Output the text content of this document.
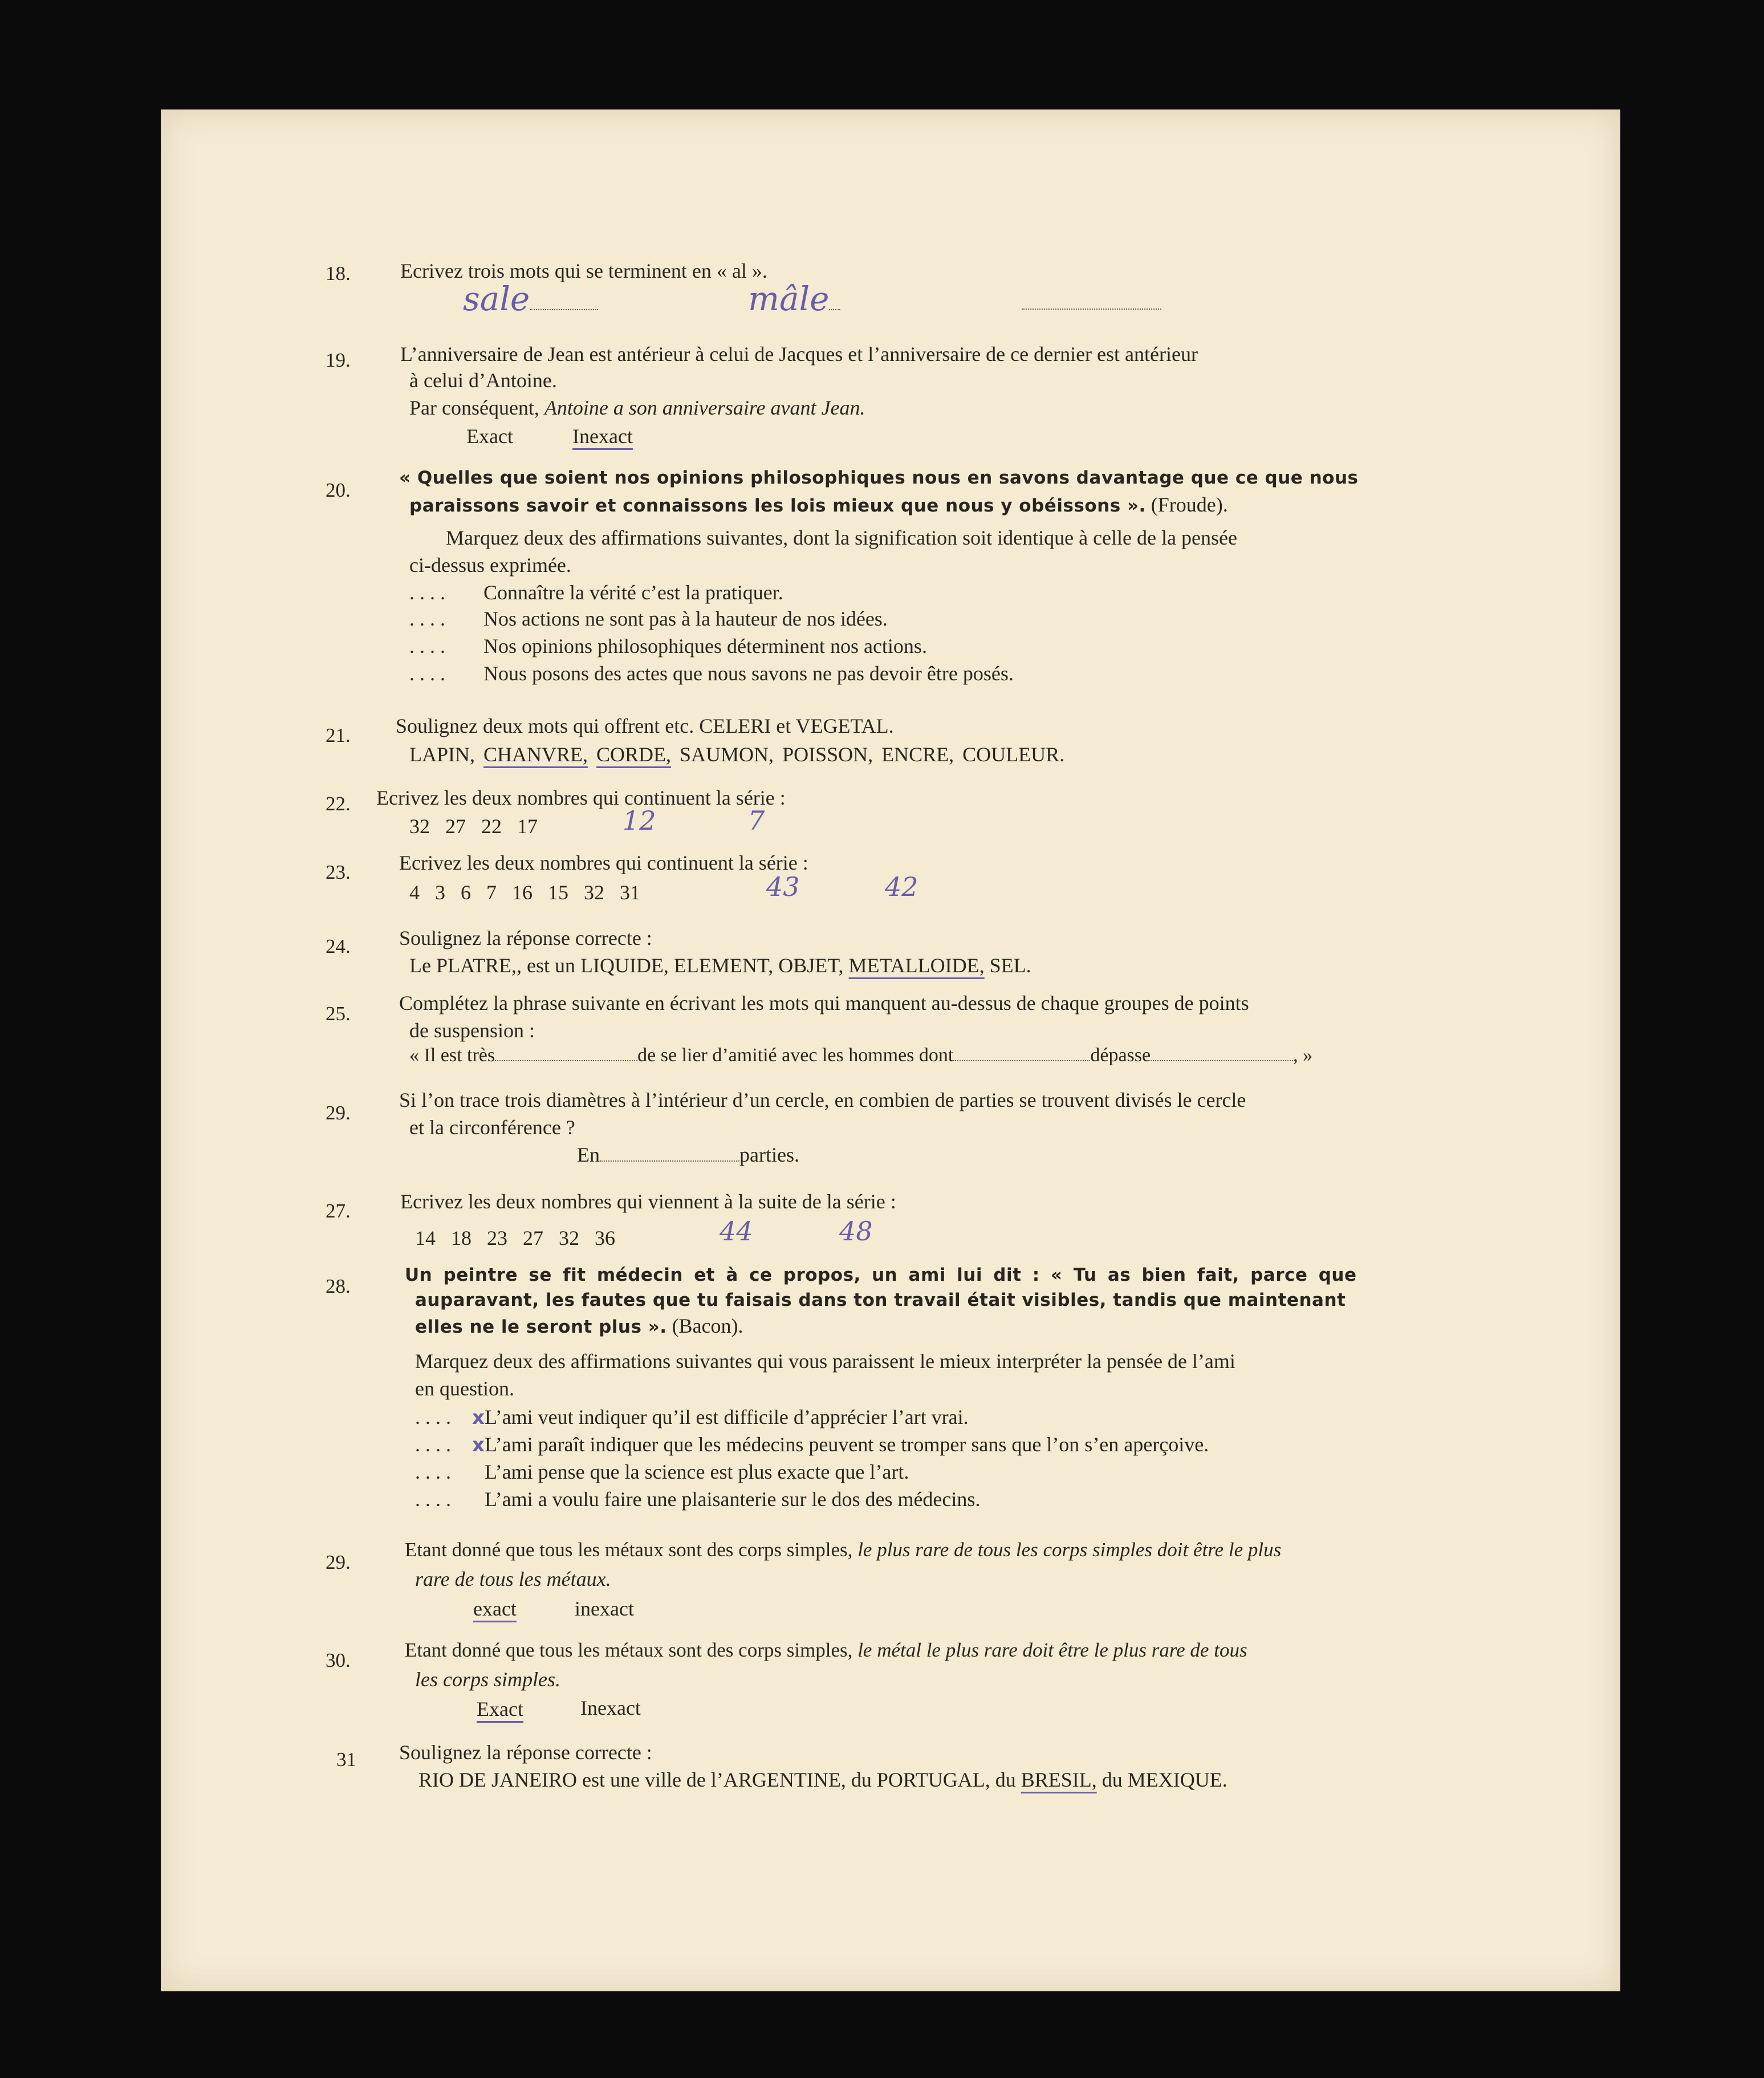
18. Ecrivez trois mots qui se terminent en « al ».
sale	mâle
19. L’anniversaire de Jean est antérieur à celui de Jacques et l’anniversaire de ce dernier est antérieur
à celui d’Antoine.
Par conséquent, Antoine a son anniversaire avant Jean.
Exact	Inexact
20.
« Quelles que soient nos opinions philosophiques nous en savons davantage que ce que nous
paraissons savoir et connaissons les lois mieux que nous y obéissons ». (Froude).
Marquez deux des affirmations suivantes, dont la signification soit identique à celle de la pensée
ci-dessus exprimée.
. . . . Connaître la vérité c’est la pratiquer.
. . . . Nos actions ne sont pas à la hauteur de nos idées.
. . . . Nos opinions philosophiques déterminent nos actions.
. . . . Nous posons des actes que nous savons ne pas devoir être posés.
21. Soulignez deux mots qui offrent etc. CELERI et VEGETAL.
LAPIN, CHANVRE, CORDE, SAUMON, POISSON, ENCRE, COULEUR.
22. Ecrivez les deux nombres qui continuent la série :
32   27   22   17	12	7
23. Ecrivez les deux nombres qui continuent la série :
4   3   6   7   16   15   32   31	43	42
24. Soulignez la réponse correcte :
Le PLATRE,, est un LIQUIDE, ELEMENT, OBJET, METALLOIDE, SEL.
25. Complétez la phrase suivante en écrivant les mots qui manquent au-dessus de chaque groupes de points
de suspension :
« Il est très	de se lier d’amitié avec les hommes dont	dépasse	, »
29.
Si l’on trace trois diamètres à l’intérieur d’un cercle, en combien de parties se trouvent divisés le cercle
et la circonférence ?
En	parties.
27. Ecrivez les deux nombres qui viennent à la suite de la série :
14   18   23   27   32   36	44	48
28.	Un peintre se fit médecin et à ce propos, un ami lui dit : « Tu as bien fait, parce que
auparavant, les fautes que tu faisais dans ton travail était visibles, tandis que maintenant
elles ne le seront plus ». (Bacon).
Marquez deux des affirmations suivantes qui vous paraissent le mieux interpréter la pensée de l’ami
en question.
. . . . xL’ami veut indiquer qu’il est difficile d’apprécier l’art vrai.
. . . . xL’ami paraît indiquer que les médecins peuvent se tromper sans que l’on s’en aperçoive.
. . . . L’ami pense que la science est plus exacte que l’art.
. . . . L’ami a voulu faire une plaisanterie sur le dos des médecins.
29.
Etant donné que tous les métaux sont des corps simples, le plus rare de tous les corps simples doit être le plus
rare de tous les métaux.
exact	inexact
30.	Etant donné que tous les métaux sont des corps simples, le métal le plus rare doit être le plus rare de tous
les corps simples.
Exact	Inexact
31 Soulignez la réponse correcte :
RIO DE JANEIRO est une ville de l’ARGENTINE, du PORTUGAL, du BRESIL, du MEXIQUE.
